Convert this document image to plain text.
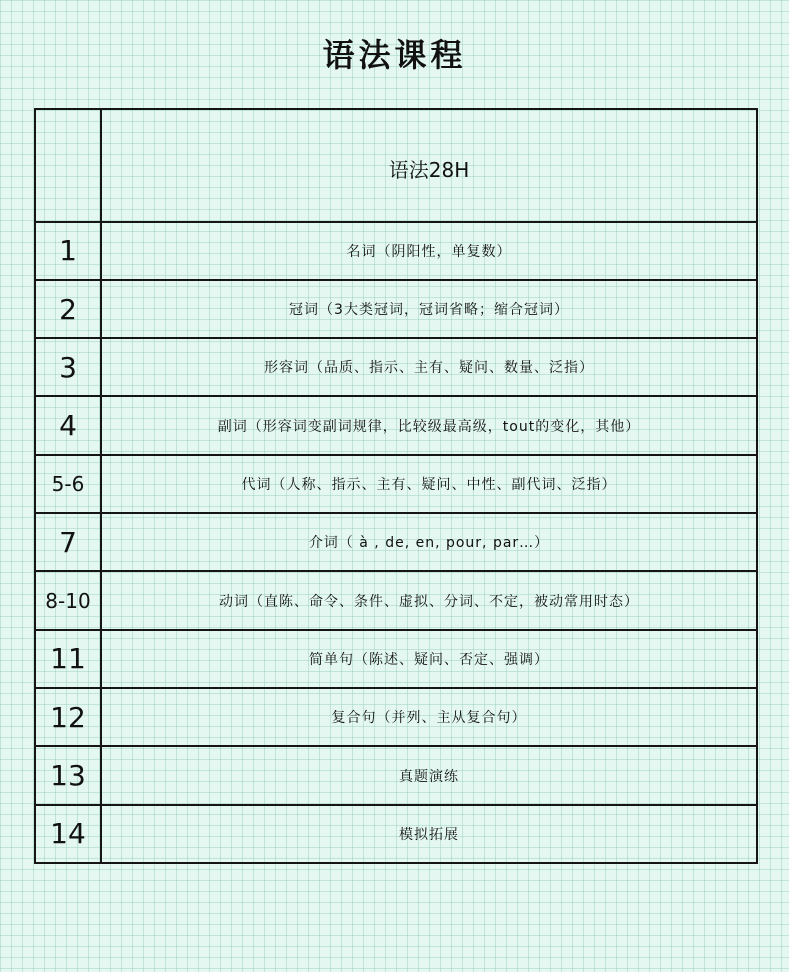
语法课程
	语法28H
1	名词（阴阳性，单复数）
2	冠词（3大类冠词，冠词省略；缩合冠词）
3	形容词（品质、指示、主有、疑问、数量、泛指）
4	副词（形容词变副词规律，比较级最高级，tout的变化，其他）
5-6	代词（人称、指示、主有、疑问、中性、副代词、泛指）
7	介词（ à , de, en, pour, par…）
8-10	动词（直陈、命令、条件、虚拟、分词、不定，被动常用时态）
11	简单句（陈述、疑问、否定、强调）
12	复合句（并列、主从复合句）
13	真题演练
14	模拟拓展
